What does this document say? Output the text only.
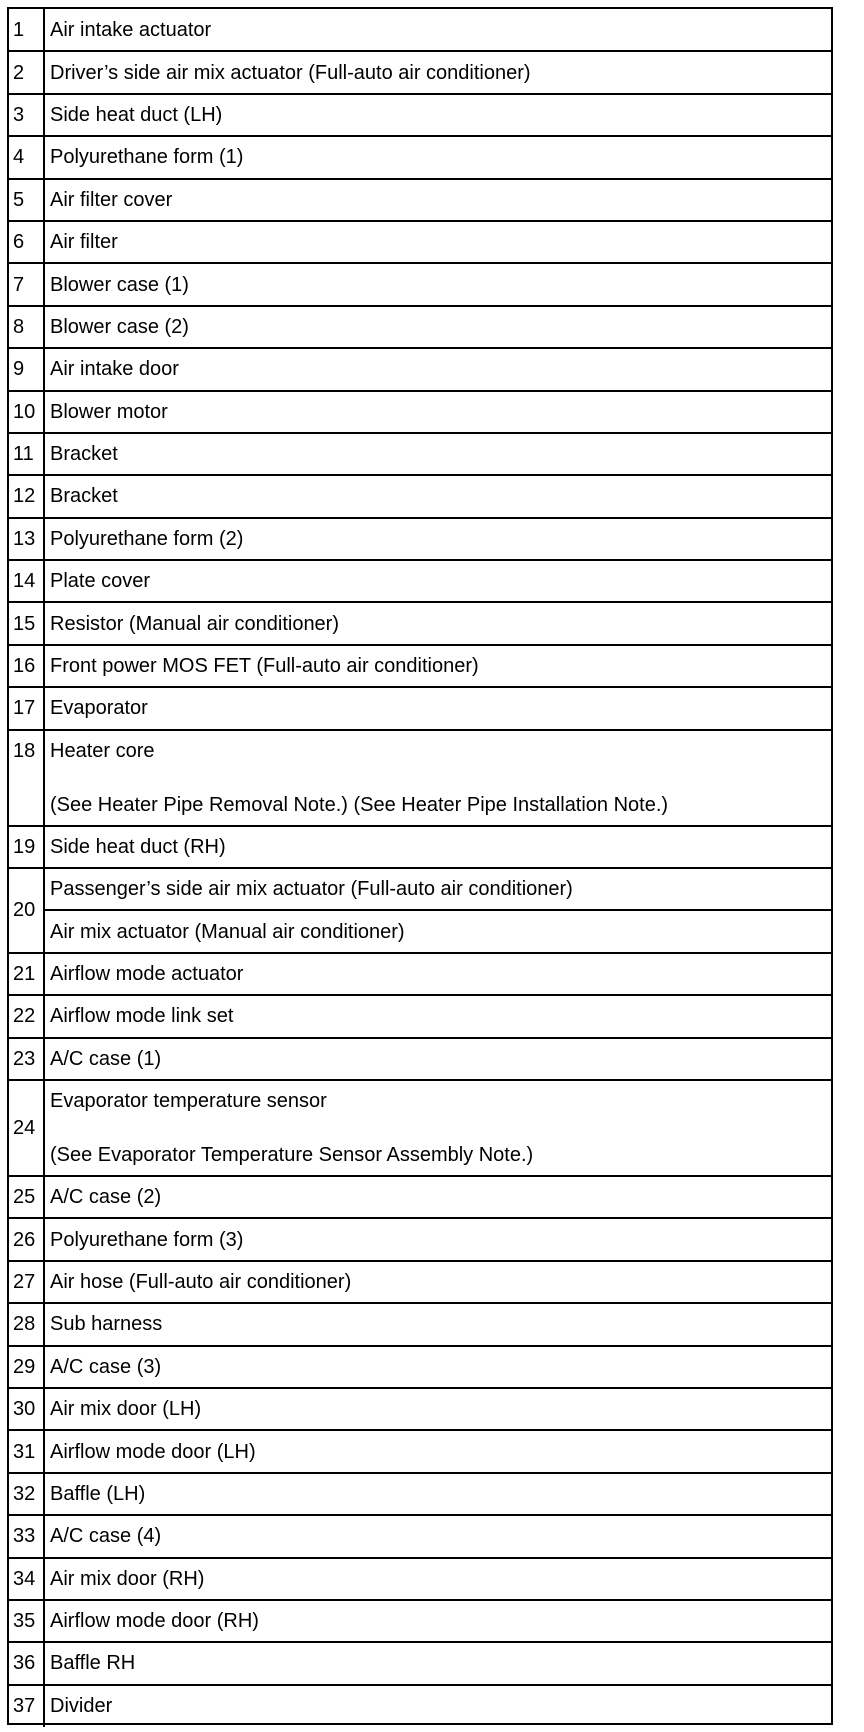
1	Air intake actuator
2	Driver’s side air mix actuator (Full-auto air conditioner)
3	Side heat duct (LH)
4	Polyurethane form (1)
5	Air filter cover
6	Air filter
7	Blower case (1)
8	Blower case (2)
9	Air intake door
10	Blower motor
11	Bracket
12	Bracket
13	Polyurethane form (2)
14	Plate cover
15	Resistor (Manual air conditioner)
16	Front power MOS FET (Full-auto air conditioner)
17	Evaporator
18	Heater core
(See Heater Pipe Removal Note.) (See Heater Pipe Installation Note.)

19	Side heat duct (RH)
20	Passenger’s side air mix actuator (Full-auto air conditioner)
	Air mix actuator (Manual air conditioner)
21	Airflow mode actuator
22	Airflow mode link set
23	A/C case (1)
24	Evaporator temperature sensor
(See Evaporator Temperature Sensor Assembly Note.)

25	A/C case (2)
26	Polyurethane form (3)
27	Air hose (Full-auto air conditioner)
28	Sub harness
29	A/C case (3)
30	Air mix door (LH)
31	Airflow mode door (LH)
32	Baffle (LH)
33	A/C case (4)
34	Air mix door (RH)
35	Airflow mode door (RH)
36	Baffle RH
37	Divider
